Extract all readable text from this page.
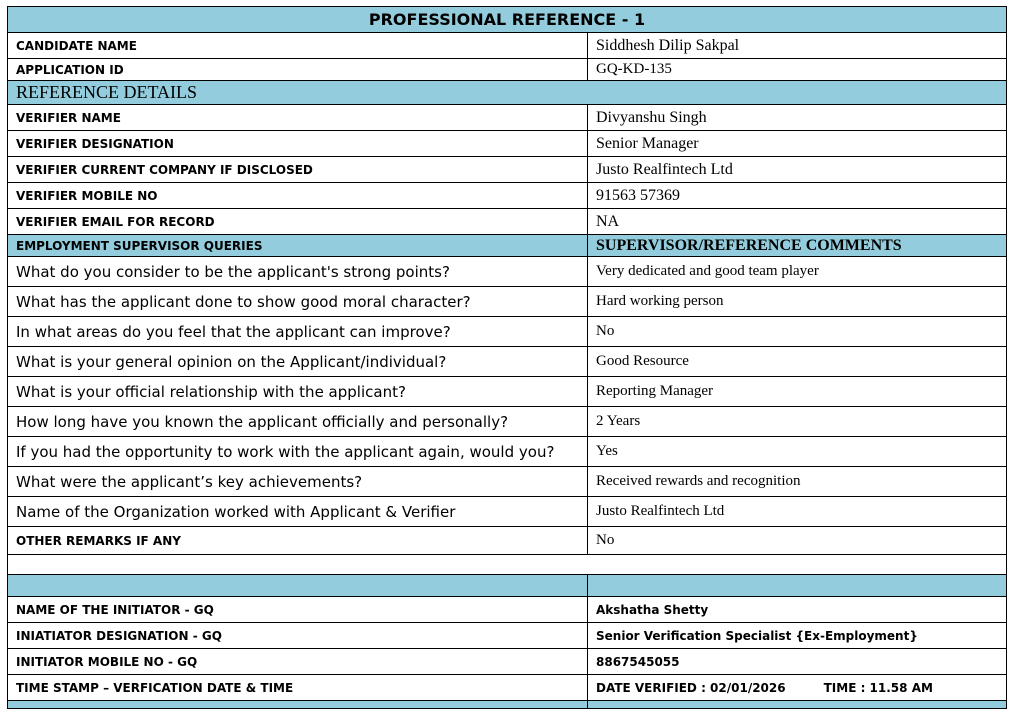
PROFESSIONAL REFERENCE - 1	
CANDIDATE NAME	Siddhesh Dilip Sakpal
APPLICATION ID	GQ-KD-135
REFERENCE DETAILS	
VERIFIER NAME	Divyanshu Singh
VERIFIER DESIGNATION	Senior Manager
VERIFIER CURRENT COMPANY IF DISCLOSED	Justo Realfintech Ltd
VERIFIER MOBILE NO	91563 57369
VERIFIER EMAIL FOR RECORD	NA
EMPLOYMENT SUPERVISOR QUERIES	SUPERVISOR/REFERENCE COMMENTS
What do you consider to be the applicant's strong points?	Very dedicated and good team player
What has the applicant done to show good moral character?	Hard working person
In what areas do you feel that the applicant can improve?	No
What is your general opinion on the Applicant/individual?	Good Resource
What is your official relationship with the applicant?	Reporting Manager
How long have you known the applicant officially and personally?	2 Years
If you had the opportunity to work with the applicant again, would you?	Yes
What were the applicant’s key achievements?	Received rewards and recognition
Name of the Organization worked with Applicant & Verifier	Justo Realfintech Ltd
OTHER REMARKS IF ANY	No

NAME OF THE INITIATOR - GQ	Akshatha Shetty
INIATIATOR DESIGNATION - GQ	Senior Verification Specialist {Ex-Employment}
INITIATOR MOBILE NO - GQ	8867545055
TIME STAMP – VERFICATION DATE & TIME	DATE VERIFIED : 02/01/2026 TIME : 11.58 AM
